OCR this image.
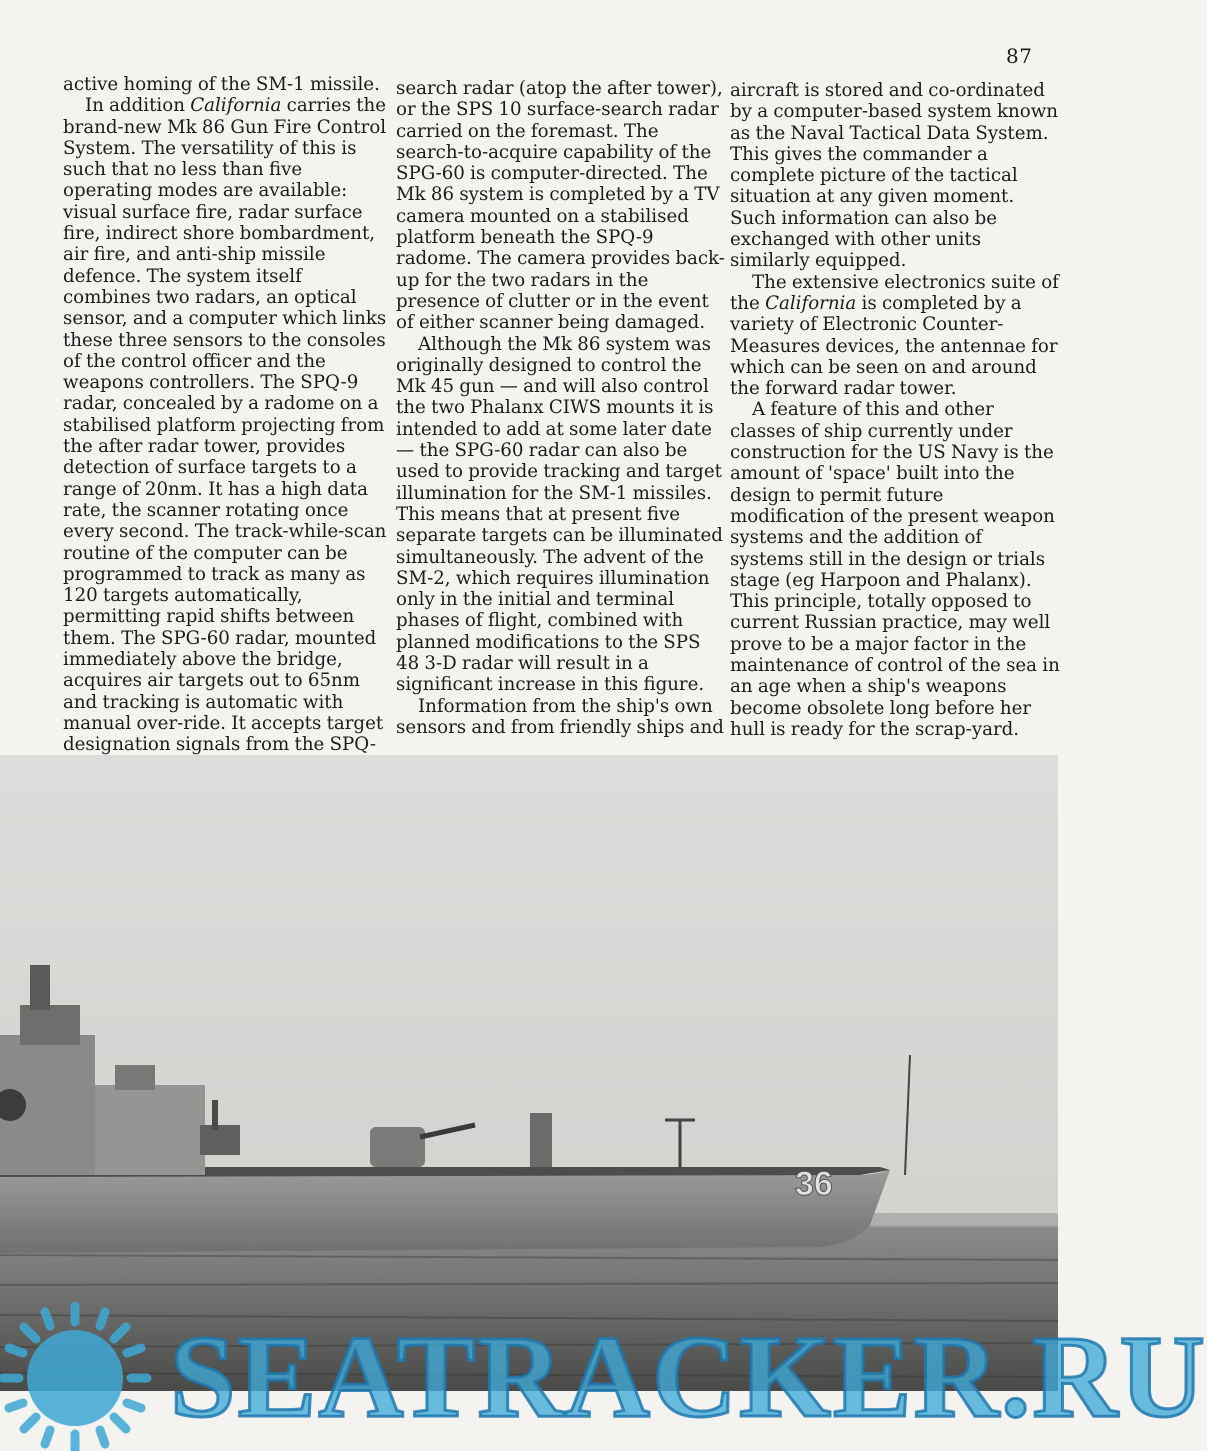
87

active homing of the SM-1 missile.

In addition California carries the brand-new Mk 86 Gun Fire Control System. The versatility of this is such that no less than five operating modes are available: visual surface fire, radar surface fire, indirect shore bombardment, air fire, and anti-ship missile defence. The system itself combines two radars, an optical sensor, and a computer which links these three sensors to the consoles of the control officer and the weapons controllers. The SPQ-9 radar, concealed by a radome on a stabilised platform projecting from the after radar tower, provides detection of surface targets to a range of 20nm. It has a high data rate, the scanner rotating once every second. The track-while-scan routine of the computer can be programmed to track as many as 120 targets automatically, permitting rapid shifts between them. The SPG-60 radar, mounted immediately above the bridge, acquires air targets out to 65nm and tracking is automatic with manual over-ride. It accepts target designation signals from the SPQ-

search radar (atop the after tower), or the SPS 10 surface-search radar carried on the foremast. The search-to-acquire capability of the SPG-60 is computer-directed. The Mk 86 system is completed by a TV camera mounted on a stabilised platform beneath the SPQ-9 radome. The camera provides back-up for the two radars in the presence of clutter or in the event of either scanner being damaged.

Although the Mk 86 system was originally designed to control the Mk 45 gun — and will also control the two Phalanx CIWS mounts it is intended to add at some later date — the SPG-60 radar can also be used to provide tracking and target illumination for the SM-1 missiles. This means that at present five separate targets can be illuminated simultaneously. The advent of the SM-2, which requires illumination only in the initial and terminal phases of flight, combined with planned modifications to the SPS 48 3-D radar will result in a significant increase in this figure.

Information from the ship's own sensors and from friendly ships and

aircraft is stored and co-ordinated by a computer-based system known as the Naval Tactical Data System. This gives the commander a complete picture of the tactical situation at any given moment. Such information can also be exchanged with other units similarly equipped.

The extensive electronics suite of the California is completed by a variety of Electronic Counter-Measures devices, the antennae for which can be seen on and around the forward radar tower.

A feature of this and other classes of ship currently under construction for the US Navy is the amount of 'space' built into the design to permit future modification of the present weapon systems and the addition of systems still in the design or trials stage (eg Harpoon and Phalanx). This principle, totally opposed to current Russian practice, may well prove to be a major factor in the maintenance of control of the sea in an age when a ship's weapons become obsolete long before her hull is ready for the scrap-yard.

36
SEATRACKER.RU
